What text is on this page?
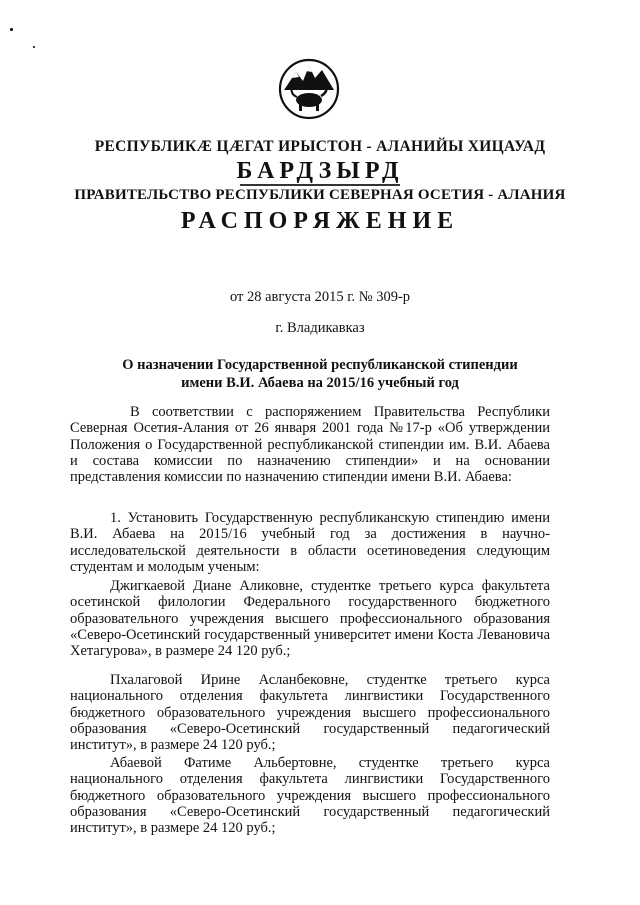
РЕСПУБЛИКӔ ЦӔГАТ ИРЫСТОН - АЛАНИЙЫ ХИЦАУАД
БАРДЗЫРД
ПРАВИТЕЛЬСТВО РЕСПУБЛИКИ СЕВЕРНАЯ ОСЕТИЯ - АЛАНИЯ
РАСПОРЯЖЕНИЕ
от 28 августа 2015 г. № 309-р
г. Владикавказ
О назначении Государственной республиканской стипендии
имени В.И. Абаева на 2015/16 учебный год

В соответствии с распоряжением Правительства Республики Северная Осетия-Алания от 26 января 2001 года №17-р «Об утверждении Положения о Государственной республиканской стипендии им. В.И. Абаева и состава комиссии по назначению стипендии» и на основании представления комиссии по назначению стипендии имени В.И. Абаева:

1. Установить Государственную республиканскую стипендию имени В.И. Абаева на 2015/16 учебный год за достижения в научно-исследовательской деятельности в области осетиноведения следующим студентам и молодым ученым:

Джигкаевой Диане Аликовне, студентке третьего курса факультета осетинской филологии Федерального государственного бюджетного образовательного учреждения высшего профессионального образования «Северо-Осетинский государственный университет имени Коста Левановича Хетагурова», в размере 24 120 руб.;

Пхалаговой Ирине Асланбековне, студентке третьего курса национального отделения факультета лингвистики Государственного бюджетного образовательного учреждения высшего профессионального образования «Северо-Осетинский государственный педагогический институт», в размере 24 120 руб.;

Абаевой Фатиме Альбертовне, студентке третьего курса национального отделения факультета лингвистики Государственного бюджетного образовательного учреждения высшего профессионального образования «Северо-Осетинский государственный педагогический институт», в размере 24 120 руб.;
